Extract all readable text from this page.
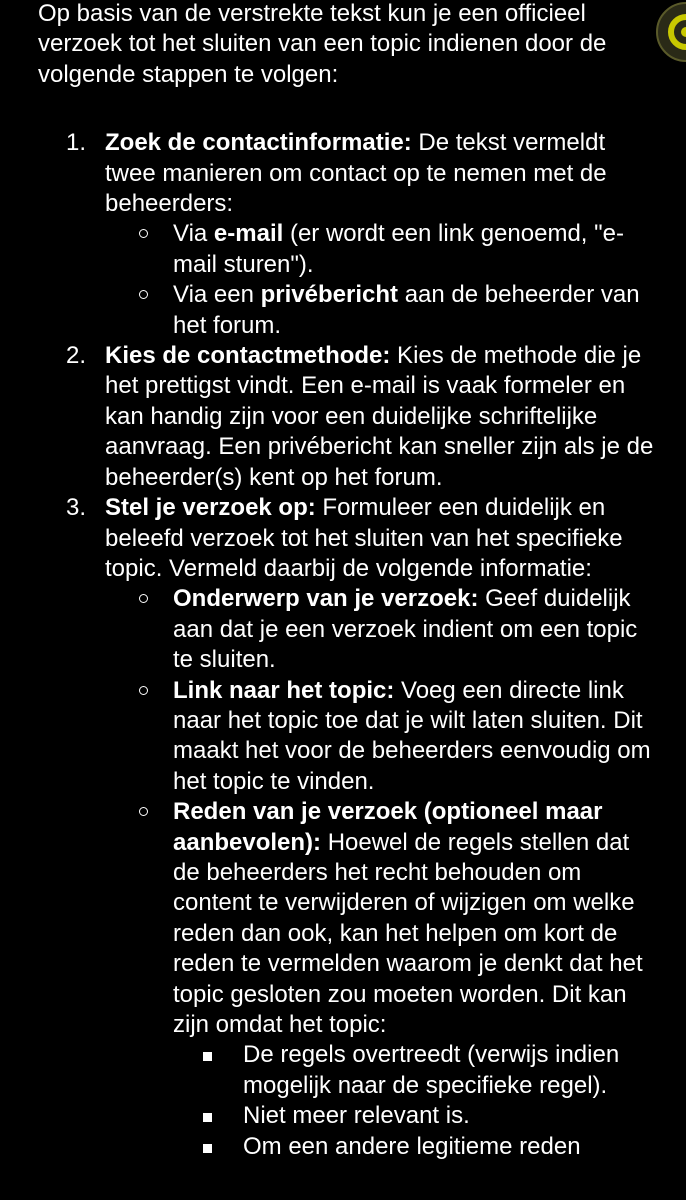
Op basis van de verstrekte tekst kun je een officieel verzoek tot het sluiten van een topic indienen door de volgende stappen te volgen:

1. Zoek de contactinformatie: De tekst vermeldt twee manieren om contact op te nemen met de beheerders:
Via e-mail (er wordt een link genoemd, "e-mail sturen").
Via een privébericht aan de beheerder van het forum.
2. Kies de contactmethode: Kies de methode die je het prettigst vindt. Een e-mail is vaak formeler en kan handig zijn voor een duidelijke schriftelijke aanvraag. Een privébericht kan sneller zijn als je de beheerder(s) kent op het forum.
3. Stel je verzoek op: Formuleer een duidelijk en beleefd verzoek tot het sluiten van het specifieke topic. Vermeld daarbij de volgende informatie:
Onderwerp van je verzoek: Geef duidelijk aan dat je een verzoek indient om een topic te sluiten.
Link naar het topic: Voeg een directe link naar het topic toe dat je wilt laten sluiten. Dit maakt het voor de beheerders eenvoudig om het topic te vinden.
Reden van je verzoek (optioneel maar aanbevolen): Hoewel de regels stellen dat de beheerders het recht behouden om content te verwijderen of wijzigen om welke reden dan ook, kan het helpen om kort de reden te vermelden waarom je denkt dat het topic gesloten zou moeten worden. Dit kan zijn omdat het topic:
De regels overtreedt (verwijs indien mogelijk naar de specifieke regel).
Niet meer relevant is.
Om een andere legitieme reden
